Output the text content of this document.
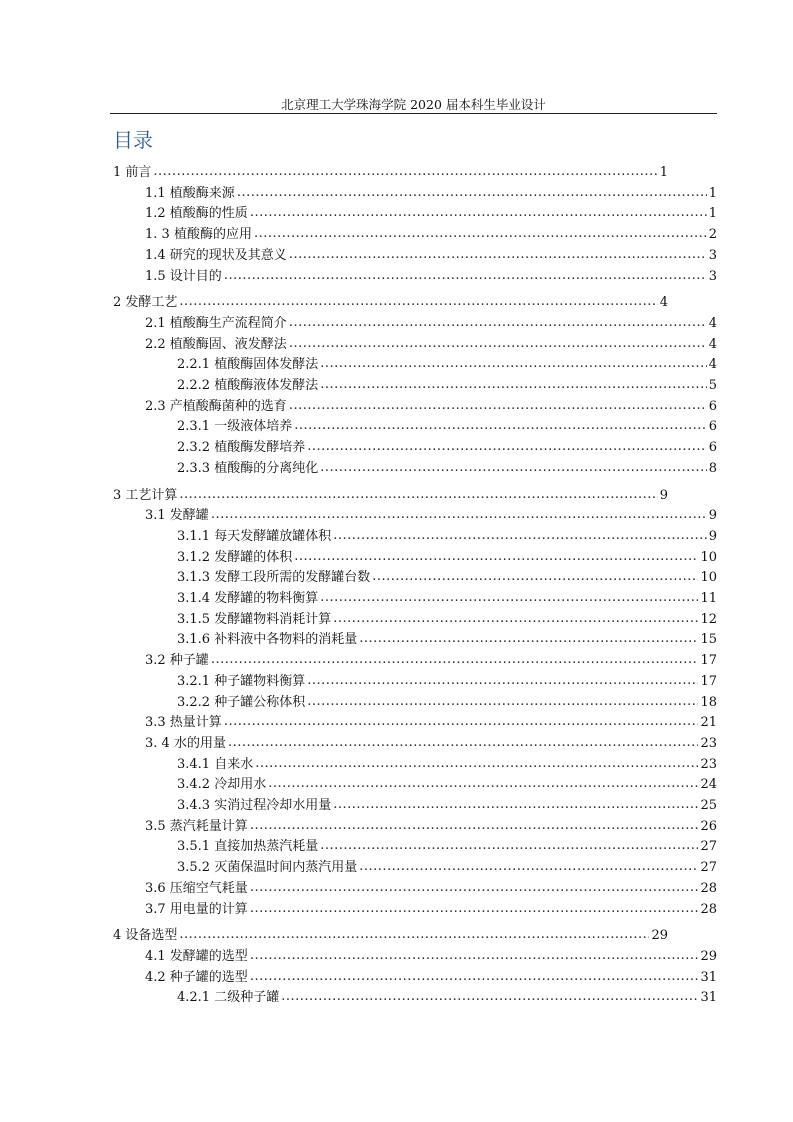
北京理工大学珠海学院 2020 届本科生毕业设计
目录
1 前言 .....	1
1.1 植酸酶来源 .....	1
1.2 植酸酶的性质 .....	1
1. 3 植酸酶的应用 .....	2
1.4 研究的现状及其意义 .....	3
1.5 设计目的 .....	3
2 发酵工艺 .....	4
2.1 植酸酶生产流程简介 .....	4
2.2 植酸酶固、液发酵法 .....	4
2.2.1 植酸酶固体发酵法 .....	4
2.2.2 植酸酶液体发酵法 .....	5
2.3 产植酸酶菌种的选育 .....	6
2.3.1 一级液体培养 .....	6
2.3.2 植酸酶发酵培养 .....	6
2.3.3 植酸酶的分离纯化 .....	8
3 工艺计算 .....	9
3.1 发酵罐 .....	9
3.1.1 每天发酵罐放罐体积 .....	9
3.1.2 发酵罐的体积 .....	10
3.1.3 发酵工段所需的发酵罐台数 .....	10
3.1.4 发酵罐的物料衡算 .....	11
3.1.5 发酵罐物料消耗计算 .....	12
3.1.6 补料液中各物料的消耗量 .....	15
3.2 种子罐 .....	17
3.2.1 种子罐物料衡算 .....	17
3.2.2 种子罐公称体积 .....	18
3.3 热量计算 .....	21
3. 4 水的用量 .....	23
3.4.1 自来水 .....	23
3.4.2 冷却用水 .....	24
3.4.3 实消过程冷却水用量 .....	25
3.5 蒸汽耗量计算 .....	26
3.5.1 直接加热蒸汽耗量 .....	27
3.5.2 灭菌保温时间内蒸汽用量 .....	27
3.6 压缩空气耗量 .....	28
3.7 用电量的计算 .....	28
4 设备选型 .....	29
4.1 发酵罐的选型 .....	29
4.2 种子罐的选型 .....	31
4.2.1 二级种子罐 .....	31
